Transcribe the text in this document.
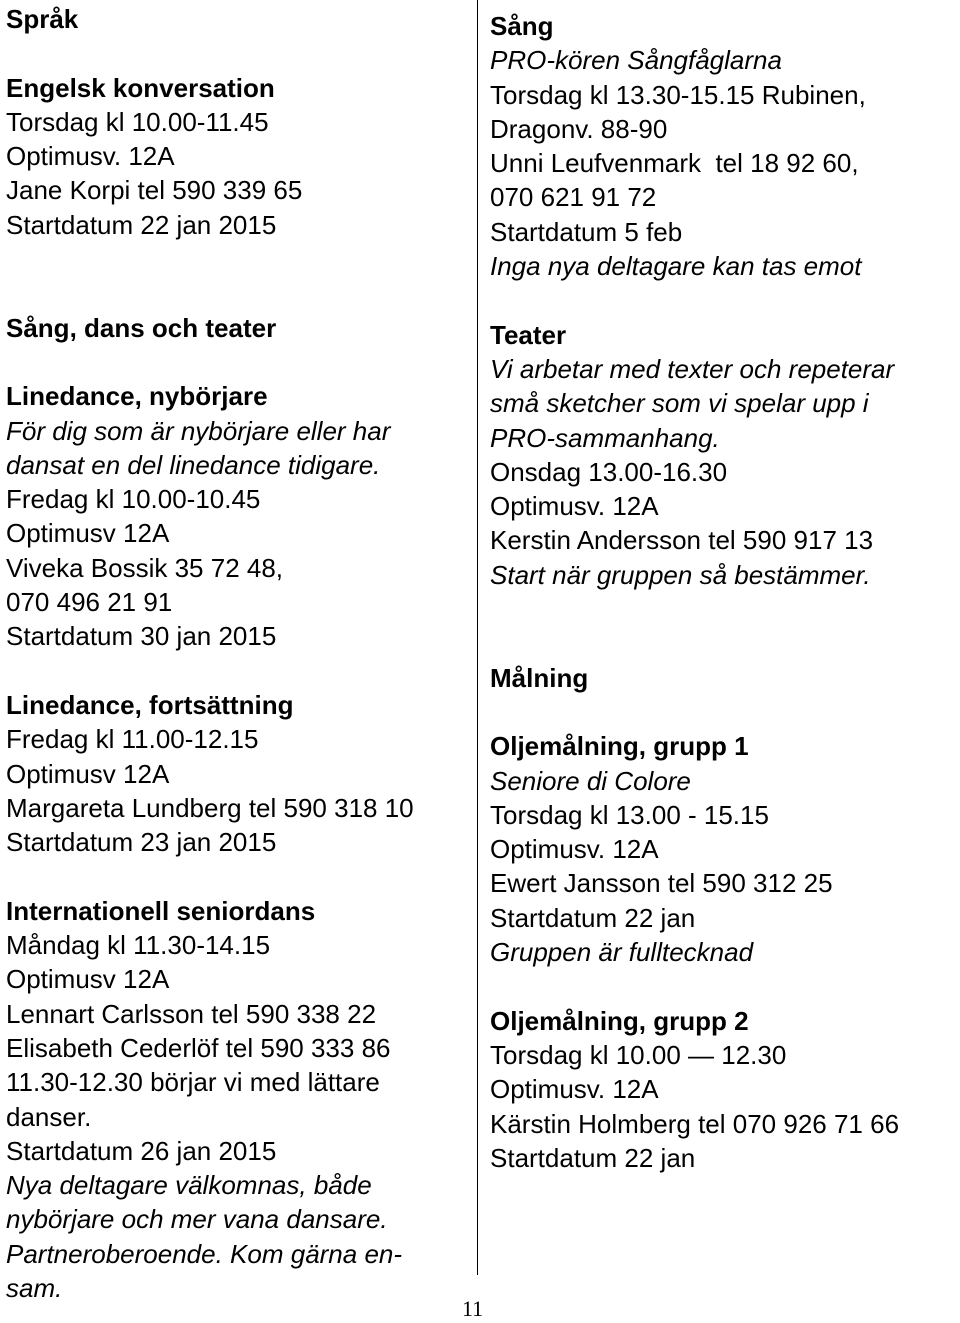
Språk
Engelsk konversation
Torsdag kl 10.00-11.45
Optimusv. 12A
Jane Korpi tel 590 339 65
Startdatum 22 jan 2015
Sång, dans och teater
Linedance, nybörjare
För dig som är nybörjare eller har
dansat en del linedance tidigare.
Fredag kl 10.00-10.45
Optimusv 12A
Viveka Bossik 35 72 48,
070 496 21 91
Startdatum 30 jan 2015
Linedance, fortsättning
Fredag kl 11.00-12.15
Optimusv 12A
Margareta Lundberg tel 590 318 10
Startdatum 23 jan 2015
Internationell seniordans
Måndag kl 11.30-14.15
Optimusv 12A
Lennart Carlsson tel 590 338 22
Elisabeth Cederlöf tel 590 333 86
11.30-12.30 börjar vi med lättare
danser.
Startdatum 26 jan 2015
Nya deltagare välkomnas, både
nybörjare och mer vana dansare.
Partneroberoende. Kom gärna en-
sam.
Sång
PRO-kören Sångfåglarna
Torsdag kl 13.30-15.15 Rubinen,
Dragonv. 88-90
Unni Leufvenmark  tel 18 92 60,
070 621 91 72
Startdatum 5 feb
Inga nya deltagare kan tas emot
Teater
Vi arbetar med texter och repeterar
små sketcher som vi spelar upp i
PRO-sammanhang.
Onsdag 13.00-16.30
Optimusv. 12A
Kerstin Andersson tel 590 917 13
Start när gruppen så bestämmer.
Målning
Oljemålning, grupp 1
Seniore di Colore
Torsdag kl 13.00 - 15.15
Optimusv. 12A
Ewert Jansson tel 590 312 25
Startdatum 22 jan
Gruppen är fulltecknad
Oljemålning, grupp 2
Torsdag kl 10.00 — 12.30
Optimusv. 12A
Kärstin Holmberg tel 070 926 71 66
Startdatum 22 jan
11
